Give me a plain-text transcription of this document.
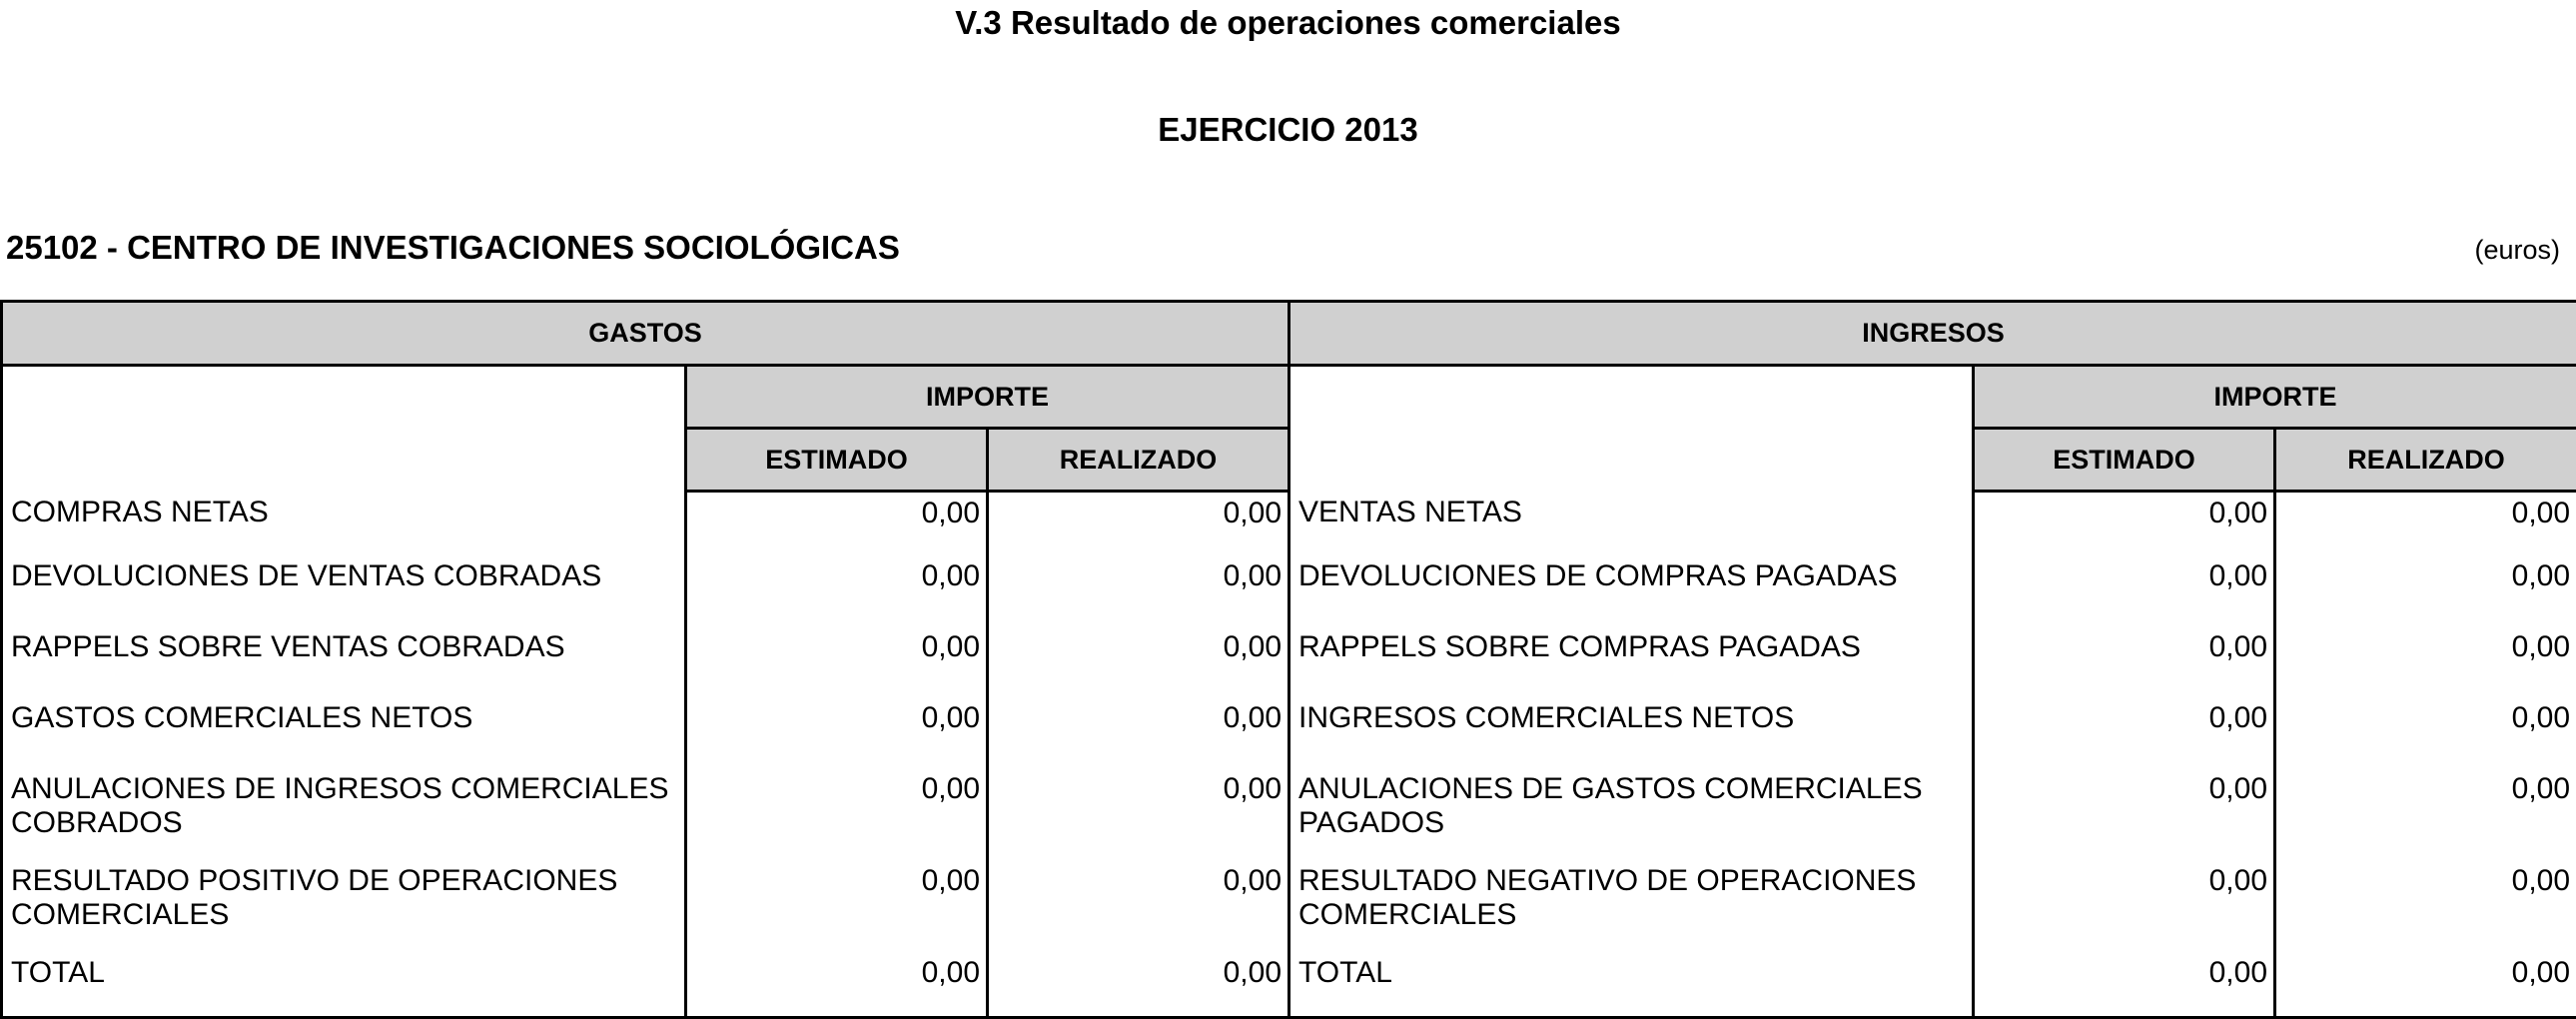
V.3 Resultado de operaciones comerciales
EJERCICIO 2013
25102 - CENTRO DE INVESTIGACIONES SOCIOLÓGICAS	(euros)
GASTOS			INGRESOS		
	IMPORTE			IMPORTE	
	ESTIMADO	REALIZADO		ESTIMADO	REALIZADO
COMPRAS NETAS	0,00	0,00	VENTAS NETAS	0,00	0,00
DEVOLUCIONES DE VENTAS COBRADAS	0,00	0,00	DEVOLUCIONES DE COMPRAS PAGADAS	0,00	0,00
RAPPELS SOBRE VENTAS COBRADAS	0,00	0,00	RAPPELS SOBRE COMPRAS PAGADAS	0,00	0,00
GASTOS COMERCIALES NETOS	0,00	0,00	INGRESOS COMERCIALES NETOS	0,00	0,00
ANULACIONES DE INGRESOS COMERCIALES COBRADOS	0,00	0,00	ANULACIONES DE GASTOS COMERCIALES PAGADOS	0,00	0,00
RESULTADO POSITIVO DE OPERACIONES COMERCIALES	0,00	0,00	RESULTADO NEGATIVO DE OPERACIONES COMERCIALES	0,00	0,00
TOTAL	0,00	0,00	TOTAL	0,00	0,00
